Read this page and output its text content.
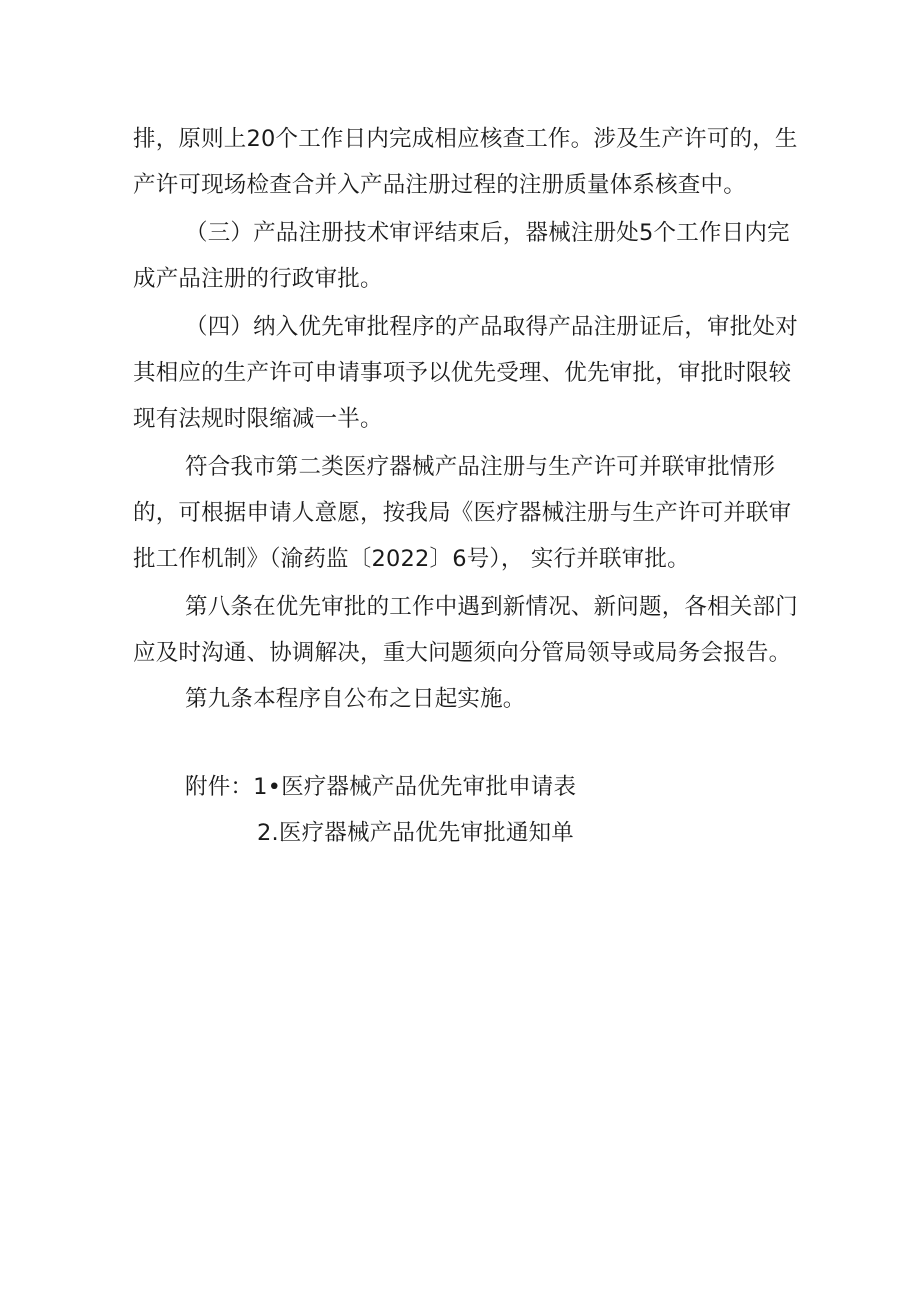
排，原则上20个工作日内完成相应核查工作。涉及生产许可的，生
产许可现场检查合并入产品注册过程的注册质量体系核查中。
（三）产品注册技术审评结束后，器械注册处5个工作日内完
成产品注册的行政审批。
（四）纳入优先审批程序的产品取得产品注册证后，审批处对
其相应的生产许可申请事项予以优先受理、优先审批，审批时限较
现有法规时限缩减一半。
符合我市第二类医疗器械产品注册与生产许可并联审批情形
的，可根据申请人意愿，按我局《医疗器械注册与生产许可并联审
批工作机制》（渝药监〔2022〕6号）， 实行并联审批。
第八条在优先审批的工作中遇到新情况、新问题，各相关部门
应及时沟通、协调解决，重大问题须向分管局领导或局务会报告。
第九条本程序自公布之日起实施。
附件：1•医疗器械产品优先审批申请表
2.医疗器械产品优先审批通知单
